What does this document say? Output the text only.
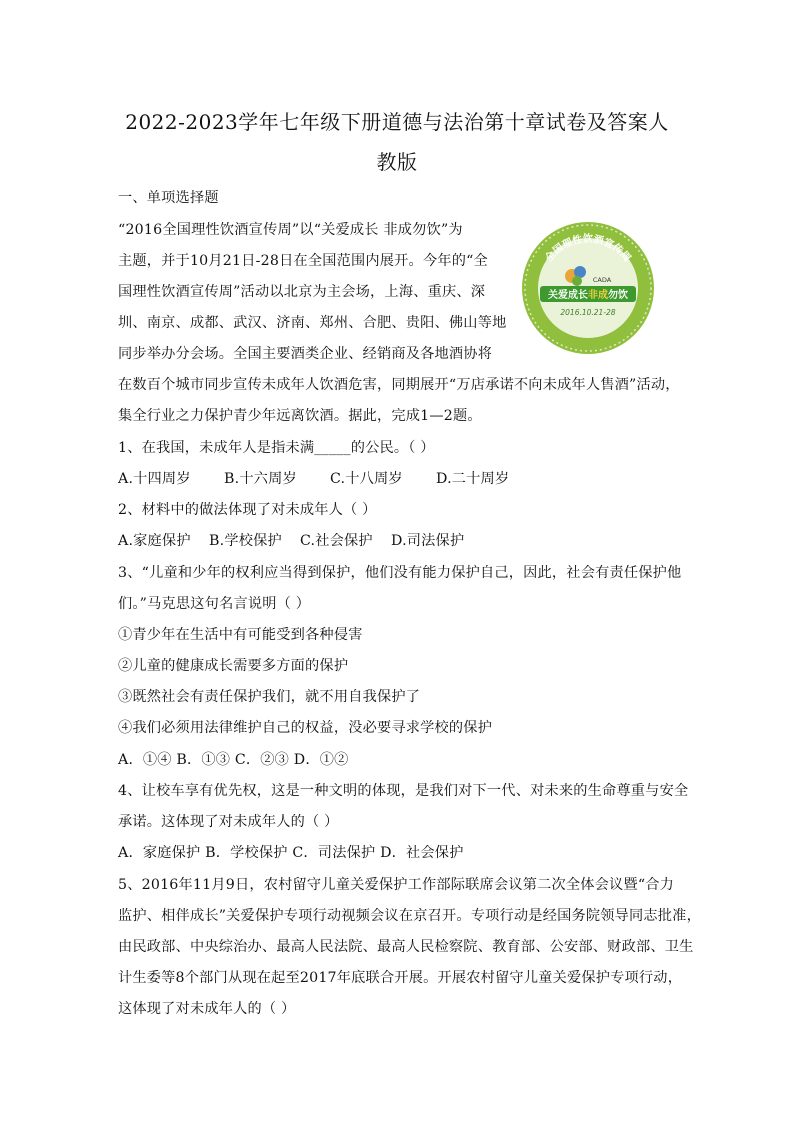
2022-2023学年七年级下册道德与法治第十章试卷及答案人
教版
一、单项选择题
“2016全国理性饮酒宣传周”以“关爱成长 非成勿饮”为
主题，并于10月21日-28日在全国范围内展开。今年的“全
国理性饮酒宣传周”活动以北京为主会场，上海、重庆、深
圳、南京、成都、武汉、济南、郑州、合肥、贵阳、佛山等地
同步举办分会场。全国主要酒类企业、经销商及各地酒协将
在数百个城市同步宣传未成年人饮酒危害，同期展开“万店承诺不向未成年人售酒”活动，
集全行业之力保护青少年远离饮酒。据此，完成1—2题。
全国理性饮酒宣传周
CADA
关爱成长非成勿饮
2016.10.21-28
1、在我国，未成年人是指未满_____的公民。（ ）
A.十四周岁 B.十六周岁 C.十八周岁 D.二十周岁
2、材料中的做法体现了对未成年人（ ）
A.家庭保护 B.学校保护 C.社会保护 D.司法保护
3、“儿童和少年的权利应当得到保护，他们没有能力保护自己，因此，社会有责任保护他
们。”马克思这句名言说明（ ）
①青少年在生活中有可能受到各种侵害
②儿童的健康成长需要多方面的保护
③既然社会有责任保护我们，就不用自我保护了
④我们必须用法律维护自己的权益，没必要寻求学校的保护
A．①④ B．①③ C．②③ D．①②
4、让校车享有优先权，这是一种文明的体现，是我们对下一代、对未来的生命尊重与安全
承诺。这体现了对未成年人的（ ）
A．家庭保护 B．学校保护 C．司法保护 D．社会保护
5、2016年11月9日，农村留守儿童关爱保护工作部际联席会议第二次全体会议暨“合力
监护、相伴成长”关爱保护专项行动视频会议在京召开。专项行动是经国务院领导同志批准，
由民政部、中央综治办、最高人民法院、最高人民检察院、教育部、公安部、财政部、卫生
计生委等8个部门从现在起至2017年底联合开展。开展农村留守儿童关爱保护专项行动，
这体现了对未成年人的（ ）
